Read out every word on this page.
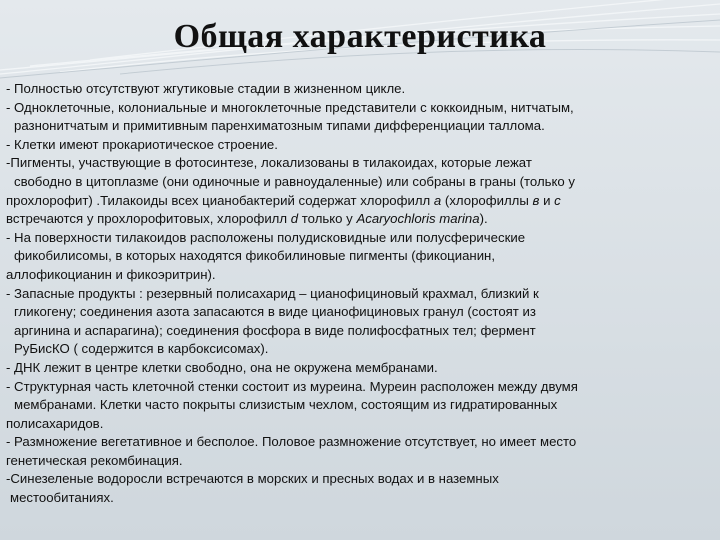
Общая характеристика
- Полностью отсутствуют жгутиковые стадии в жизненном цикле.
- Одноклеточные, колониальные и многоклеточные представители с коккоидным, нитчатым,
разнонитчатым и примитивным паренхиматозным типами дифференциации таллома.
- Клетки имеют прокариотическое строение.
-Пигменты, участвующие в фотосинтезе, локализованы в тилакоидах, которые лежат
свободно в цитоплазме (они одиночные и равноудаленные) или собраны в граны (только у
прохлорофит) .Тилакоиды всех цианобактерий содержат хлорофилл a (хлорофиллы в и с
встречаются у прохлорофитовых, хлорофилл d только у Acaryochloris marina).
- На поверхности тилакоидов расположены полудисковидные или полусферические
фикобилисомы, в которых находятся фикобилиновые пигменты (фикоцианин,
аллофикоцианин и фикоэритрин).
- Запасные продукты : резервный полисахарид – цианофициновый крахмал, близкий к
гликогену; соединения азота запасаются в виде цианофициновых гранул (состоят из
аргинина и аспарагина); соединения фосфора в виде полифосфатных тел; фермент
РуБисКО ( содержится в карбоксисомах).
- ДНК лежит в центре клетки свободно, она не окружена мембранами.
- Структурная часть клеточной стенки состоит из муреина. Муреин расположен между двумя
мембранами. Клетки часто покрыты слизистым чехлом, состоящим из гидратированных
полисахаридов.
- Размножение вегетативное и бесполое. Половое размножение отсутствует, но имеет место
генетическая рекомбинация.
-Синезеленые водоросли встречаются в морских и пресных водах и в наземных
местообитаниях.
